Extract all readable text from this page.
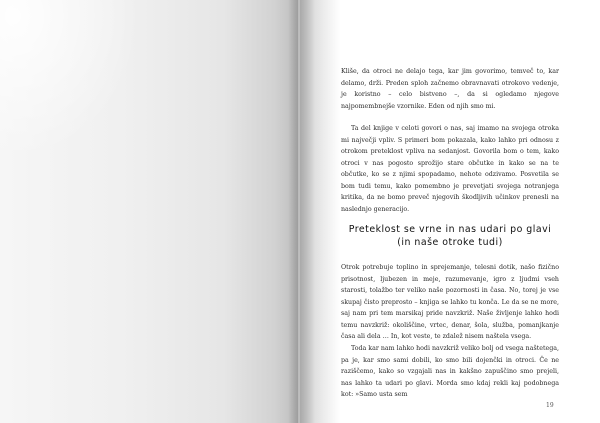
Kliše, da otroci ne delajo tega, kar jim govorimo, temveč to, kar delamo, drži. Preden sploh začnemo obravnavati otrokovo vedenje, je koristno – celo bistveno –, da si ogledamo njegove najpomembnejše vzornike. Eden od njih smo mi.

Ta del knjige v celoti govori o nas, saj imamo na svojega otroka mi največji vpliv. S primeri bom pokazala, kako lahko pri odnosu z otrokom preteklost vpliva na sedanjost. Govorila bom o tem, kako otroci v nas pogosto sprožijo stare občutke in kako se na te občutke, ko se z njimi spopadamo, nehote odzivamo. Posvetila se bom tudi temu, kako pomembno je prevetjati svojega notranjega kritika, da ne bomo preveč njegovih škodljivih učinkov prenesli na naslednjo generacijo.

Preteklost se vrne in nas udari po glavi
(in naše otroke tudi)

Otrok potrebuje toplino in sprejemanje, telesni dotik, našo fizično prisotnost, ljubezen in meje, razumevanje, igro z ljudmi vseh starosti, tolažbo ter veliko naše pozornosti in časa. No, torej je vse skupaj čisto preprosto – knjiga se lahko tu konča. Le da se ne more, saj nam pri tem marsikaj pride navzkriž. Naše življenje lahko hodi temu navzkriž: okoliščine, vrtec, denar, šola, služba, pomanjkanje časa ali dela … In, kot veste, te zdalež nisem naštela vsega.

Toda kar nam lahko hodi navzkriž veliko bolj od vsega naštetega, pa je, kar smo sami dobili, ko smo bili dojenčki in otroci. Če ne raziščemo, kako so vzgajali nas in kakšno zapuščino smo prejeli, nas lahko ta udari po glavi. Morda smo kdaj rekli kaj podobnega kot: »Samo usta sem

19
